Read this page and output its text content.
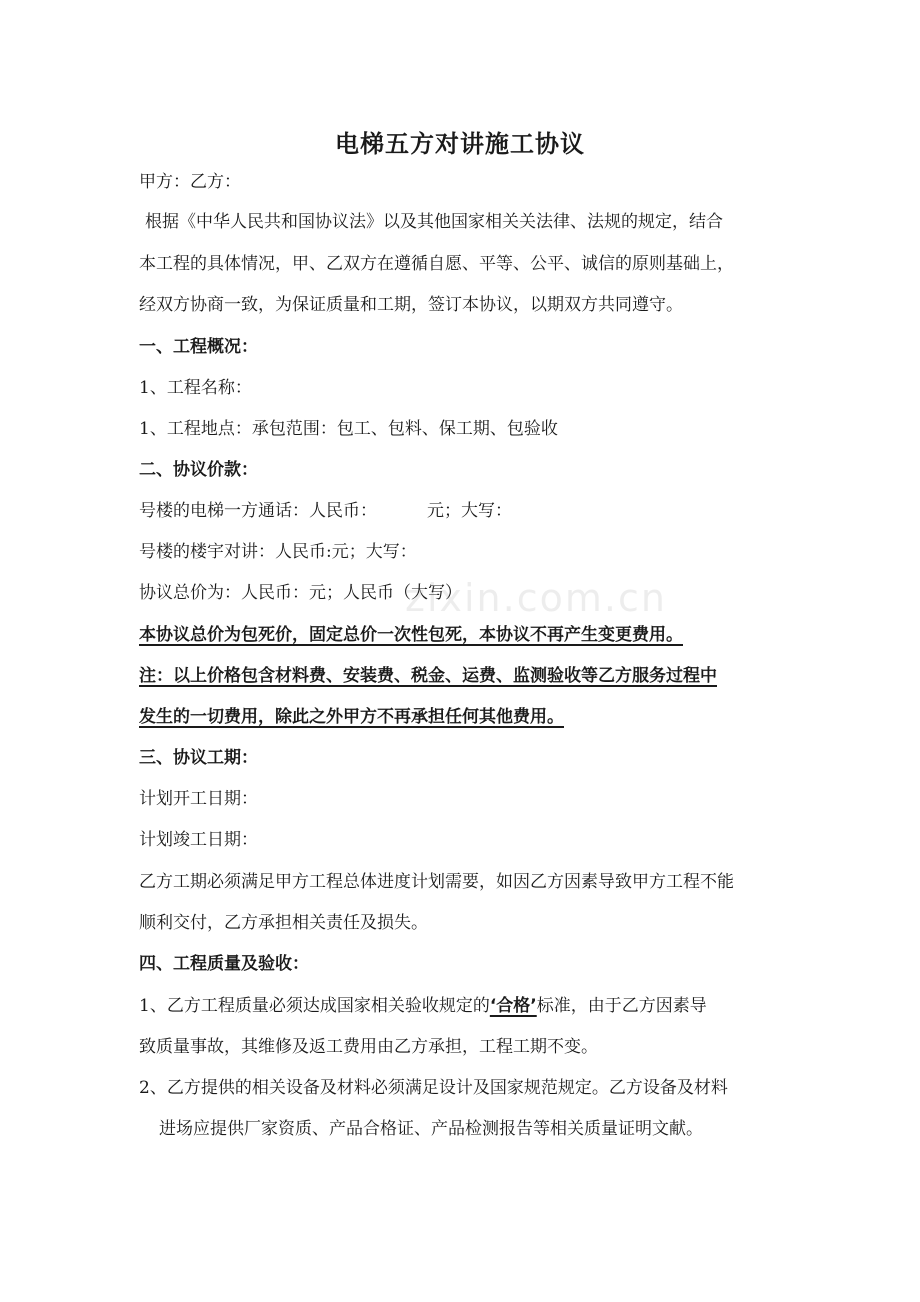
电梯五方对讲施工协议
甲方：乙方：
根据《中华人民共和国协议法》以及其他国家相关关法律、法规的规定，结合
本工程的具体情况，甲、乙双方在遵循自愿、平等、公平、诚信的原则基础上，
经双方协商一致，为保证质量和工期，签订本协议，以期双方共同遵守。
一、工程概况：
1、工程名称：
1、工程地点：承包范围：包工、包料、保工期、包验收
二、协议价款：
号楼的电梯一方通话：人民币：	元；大写：
号楼的楼宇对讲：人民币:元；大写：
协议总价为：人民币：元；人民币（大写）
本协议总价为包死价，固定总价一次性包死，本协议不再产生变更费用。
注：以上价格包含材料费、安装费、税金、运费、监测验收等乙方服务过程中
发生的一切费用，除此之外甲方不再承担任何其他费用。
三、协议工期：
计划开工日期：
计划竣工日期：
乙方工期必须满足甲方工程总体进度计划需要，如因乙方因素导致甲方工程不能
顺利交付，乙方承担相关责任及损失。
四、工程质量及验收：
1、乙方工程质量必须达成国家相关验收规定的‘合格’标准，由于乙方因素导
致质量事故，其维修及返工费用由乙方承担，工程工期不变。
2、乙方提供的相关设备及材料必须满足设计及国家规范规定。乙方设备及材料
进场应提供厂家资质、产品合格证、产品检测报告等相关质量证明文献。
zixin.com.cn
